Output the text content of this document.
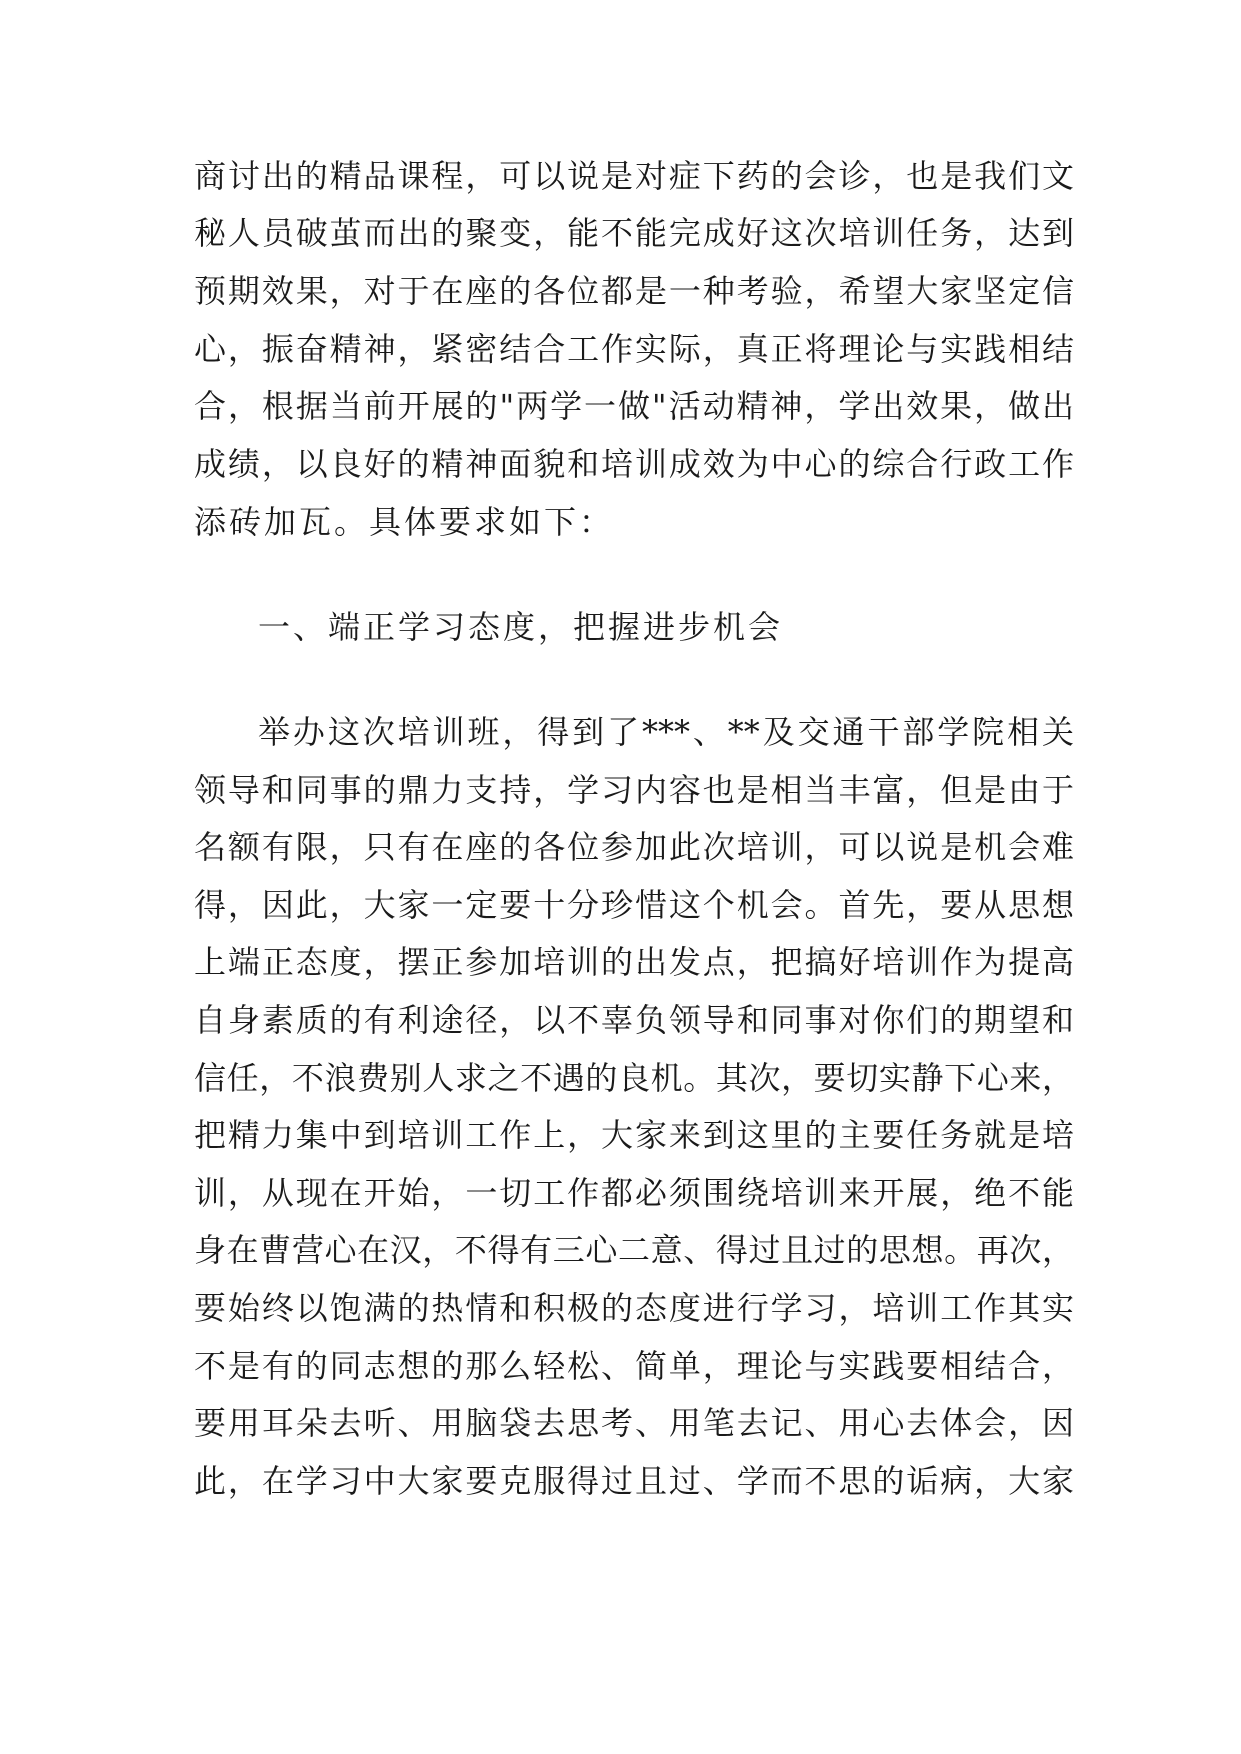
商讨出的精品课程，可以说是对症下药的会诊，也是我们文
秘人员破茧而出的聚变，能不能完成好这次培训任务，达到
预期效果，对于在座的各位都是一种考验，希望大家坚定信
心，振奋精神，紧密结合工作实际，真正将理论与实践相结
合，根据当前开展的"两学一做"活动精神，学出效果，做出
成绩，以良好的精神面貌和培训成效为中心的综合行政工作
添砖加瓦。具体要求如下：
一、端正学习态度，把握进步机会
举办这次培训班，得到了***、**及交通干部学院相关
领导和同事的鼎力支持，学习内容也是相当丰富，但是由于
名额有限，只有在座的各位参加此次培训，可以说是机会难
得，因此，大家一定要十分珍惜这个机会。首先，要从思想
上端正态度，摆正参加培训的出发点，把搞好培训作为提高
自身素质的有利途径，以不辜负领导和同事对你们的期望和
信任，不浪费别人求之不遇的良机。其次，要切实静下心来，
把精力集中到培训工作上，大家来到这里的主要任务就是培
训，从现在开始，一切工作都必须围绕培训来开展，绝不能
身在曹营心在汉，不得有三心二意、得过且过的思想。再次，
要始终以饱满的热情和积极的态度进行学习，培训工作其实
不是有的同志想的那么轻松、简单，理论与实践要相结合，
要用耳朵去听、用脑袋去思考、用笔去记、用心去体会，因
此，在学习中大家要克服得过且过、学而不思的诟病，大家
